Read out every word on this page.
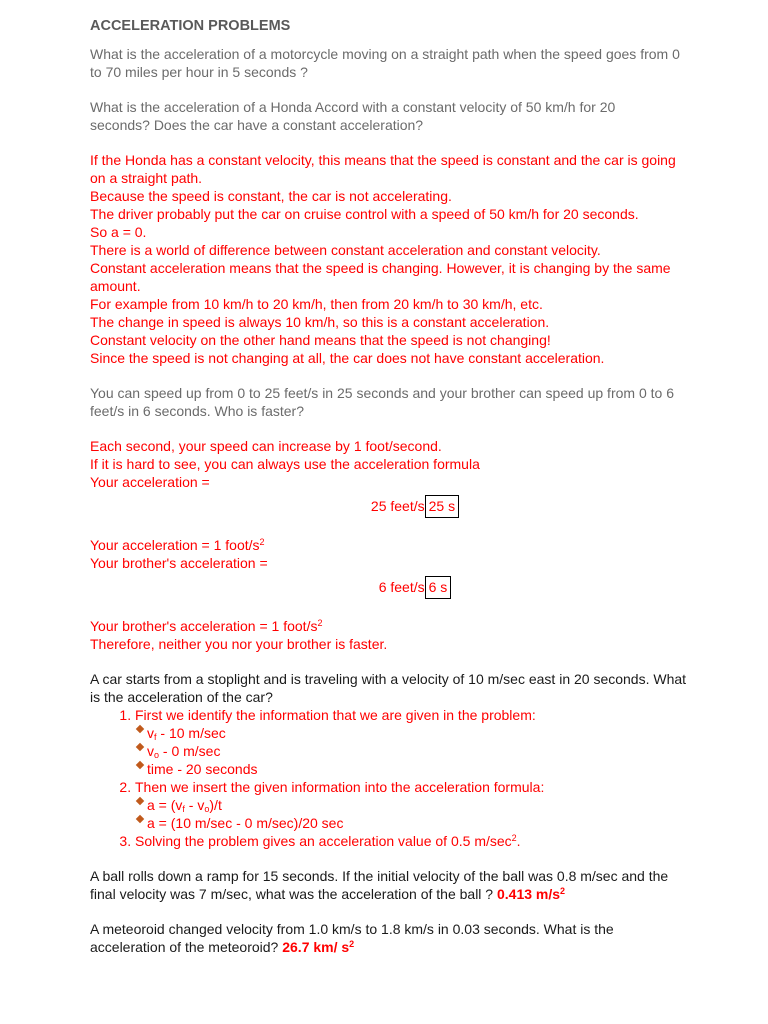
ACCELERATION PROBLEMS
What is the acceleration of a motorcycle moving on a straight path when the speed goes from 0
to 70 miles per hour in 5 seconds ?
What is the acceleration of a Honda Accord with a constant velocity of 50 km/h for 20
seconds? Does the car have a constant acceleration?
If the Honda has a constant velocity, this means that the speed is constant and the car is going
on a straight path.
Because the speed is constant, the car is not accelerating.
The driver probably put the car on cruise control with a speed of 50 km/h for 20 seconds.
So a = 0.
There is a world of difference between constant acceleration and constant velocity.
Constant acceleration means that the speed is changing. However, it is changing by the same
amount.
For example from 10 km/h to 20 km/h, then from 20 km/h to 30 km/h, etc.
The change in speed is always 10 km/h, so this is a constant acceleration.
Constant velocity on the other hand means that the speed is not changing!
Since the speed is not changing at all, the car does not have constant acceleration.
You can speed up from 0 to 25 feet/s in 25 seconds and your brother can speed up from 0 to 6
feet/s in 6 seconds. Who is faster?
Each second, your speed can increase by 1 foot/second.
If it is hard to see, you can always use the acceleration formula
Your acceleration =
25 feet/s 25 s
Your acceleration = 1 foot/$s^2$
Your brother's acceleration =
6 feet/s 6 s
Your brother's acceleration = 1 foot/$s^2$
Therefore, neither you nor your brother is faster.
A car starts from a stoplight and is traveling with a velocity of 10 m/sec east in 20 seconds. What
is the acceleration of the car?
1. First we identify the information that we are given in the problem:
$v_f - 10$ m/sec
$v_o - 0$ m/sec
time - 20 seconds
2. Then we insert the given information into the acceleration formula:
$a = (v_f - v_o)/t$
a = (10 m/sec - 0 m/sec)/20 sec
3. Solving the problem gives an acceleration value of 0.5 $m/\sec^2$.
A ball rolls down a ramp for 15 seconds. If the initial velocity of the ball was 0.8 m/sec and the
final velocity was 7 m/sec, what was the acceleration of the ball ? 0.413 $m/s^2$
A meteoroid changed velocity from 1.0 km/s to 1.8 km/s in 0.03 seconds. What is the
acceleration of the meteoroid? 26.7 km/ $s^2$
